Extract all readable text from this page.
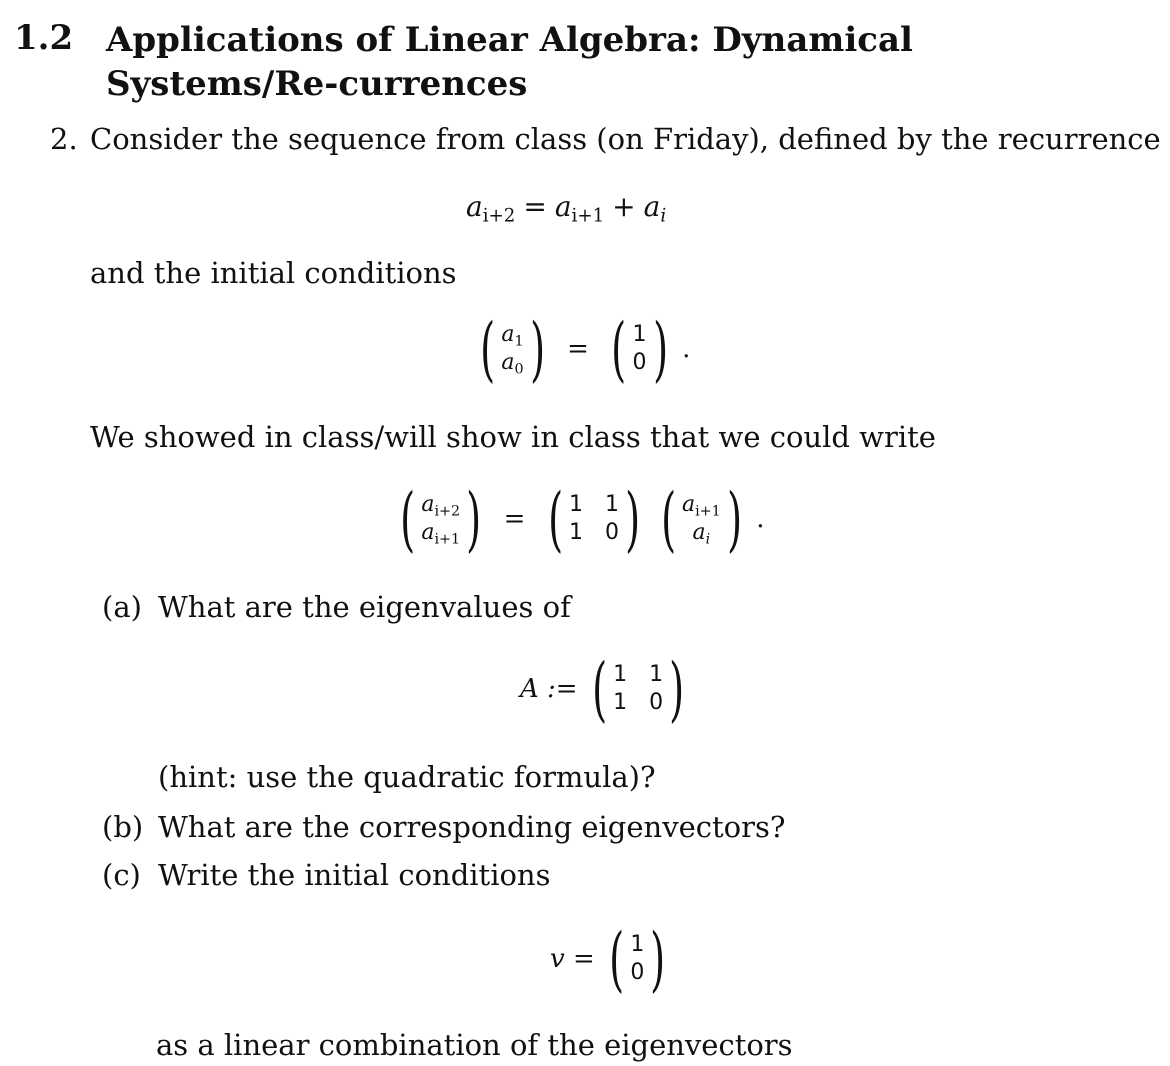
1.2 Applications of Linear Algebra: Dynamical Systems/Re-currences
2. Consider the sequence from class (on Friday), defined by the recurrence
$a_{i+2} = a_{i+1} + a_i$
and the initial conditions
( $a_1$
$a_0$ ) = ( 1
0 ) .
We showed in class/will show in class that we could write
( $a_{i+2}$
$a_{i+1}$ ) = ( 1 1
1 0 )
( $a_{i+1}$
$a_i$ ) .
(a) What are the eigenvalues of
A := ( 1 1
1 0 )
(hint: use the quadratic formula)?
(b) What are the corresponding eigenvectors?
(c) Write the initial conditions
v = ( 1
0 )
as a linear combination of the eigenvectors
